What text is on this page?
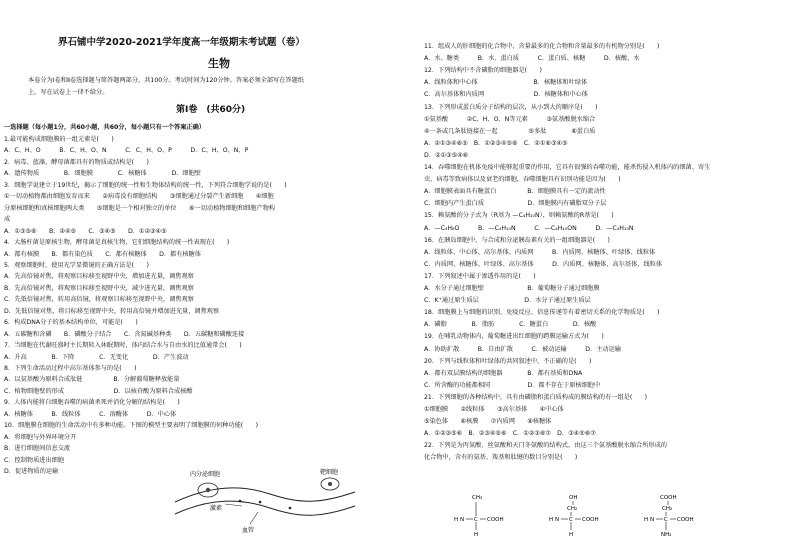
界石铺中学2020-2021学年度高一年级期末考试题（卷）
生物
本卷分为Ⅰ卷和Ⅱ卷选择题与简答题两部分，共100分。考试时间为120分钟。答案必须全部写在答题纸
上，写在试卷上一律不给分。
第Ⅰ卷　(共60分)
一选择题（每小题1分，共60小题，共60分，每小题只有一个答案正确）
1.最可能构成细胞膜的一组元素是(　　)
A．C、H、O　　　B．C、H、O、N　　　C．C、H、O、P　　　D．C、H、O、N、P
2．病毒、蓝藻、酵母菌都具有的物质或结构是(　　)
A．遗传物质　　　　B．细胞膜　　　　C．核糖体　　　　D．细胞壁
3．细胞学说建立于19世纪，揭示了细胞的统一性和生物体结构的统一性，下列符合细胞学说的是(　　)
①一切动植物都由细胞发育而来　　②病毒没有细胞结构　　③细胞通过分裂产生新细胞　　④细胞
分原核细胞和真核细胞两大类　　⑤细胞是一个相对独立的单位　　⑥一切动植物细胞和细胞产物构
成
A．①③⑤⑥　　B．②④⑤　　C．③④⑤　　D．①②③④⑤
4．大肠杆菌是原核生物，酵母菌是真核生物，它们细胞结构的统一性表现在(　　)
A．都有核膜　　B．都有染色质　　C．都有核糖体　　D．都有核糖体
5．观察细胞时，使用光学显微镜的正确方法是(　　)
A．先高倍镜对焦，将观察目标移至视野中央，增加进光量，调焦观察
B．先高倍镜对焦，将观察目标移至视野中央，减少进光量，调焦观察
C．先低倍镜对焦，转用高倍镜，将观察目标移至视野中央，调焦观察
D．先低倍镜对焦，将目标移至视野中央，转用高倍镜并增加进光量，调焦观察
6．构成DNA分子的基本结构单位，可能是(　　)
A．五碳糖和含磷　　B．磷酸分子结合　　C．含氮碱基种类　　D．五碳糖和磷酸连接
7．当细胞在代谢旺盛时主长期转入休眠期时，体内结合水与自由水的比值通常会(　　)
A．升高　　　　B．下降　　　　C．无变化　　　　D．产生波动
8．下列生命活动过程中高尔基体参与的是(　　)
A．以氨基酸为原料合成肽链　　　　　B．分解葡萄糖释放能量
C．植物细胞壁的形成　　　　　　　　D．以核苷酸为原料合成核酸
9．人体内能将白细胞吞噬的病菌杀死并消化分解的结构是(　　)
A．核糖体　　　B．线粒体　　　C．溶酶体　　　D．中心体
10．细胞膜在细胞的生命活动中有多种功能。下图的模型主要表明了细胞膜的何种功能(　　)
A．将细胞与外界环境分开
B．进行细胞间信息交流
C．控制物质进出细胞
D．促进物质的运输	内分泌细胞	靶细胞
激素
血管
11．组成人的肝细胞的化合物中，含量最多的化合物和含量最多的有机物分别是(　　)
A．水、糖类　　　B．水、蛋白质　　　C．蛋白质、核糖　　　D．核酸、水
12．下列结构中不含磷脂的细胞器是(　　)
A．线粒体和中心体　　　　　　　　　B．核糖体和叶绿体
C．高尔基体和内质网　　　　　　　　D．核糖体和中心体
13．下列形成蛋白质分子结构的层次，从小到大的顺序是(　　)
①氨基酸　　　②C、H、O、N等元素　　　③氨基酸脱水缩合
④一条或几条肽链接在一起　　　　　⑤多肽　　　　⑥蛋白质
A．②①③④⑥⑤　B．①②③④⑤⑥　C．②①⑥③④⑤　
D．②①③⑤④⑥
14．吞噬细胞在机体免疫中能够起重要的作用，它具有很强的吞噬功能，能杀伤侵入机体内的细菌、寄生
虫、病毒等致病体以及衰老的细胞，吞噬细胞具有识别功能是因为(　　)
A．细胞膜表面具有糖蛋白　　　　　B．细胞膜具有一定的流动性
C．细胞内产生蛋白质　　　　　　　D．细胞膜内有磷脂双分子层
15．赖氨酸的分子式为（R基为 —C₄H₁₀N），则赖氨酸的R基是(　　)
A．—C₄H₈O　　　B．—C₄H₁₀N　　　C．—C₄H₁₀ON　　　D．—C₄H₁₀N
16．在胰岛细胞中，与合成和分泌胰岛素有关的一组细胞器是(　　)
A．线粒体、中心体、高尔基体、内质网　　　B．内质网、核糖体、叶绿体、线粒体
C．内质网、核糖体、叶绿体、高尔基体　　　D．内质网、核糖体、高尔基体、线粒体
17．下列叙述中属于渗透作用的是(　　)
A．水分子通过细胞壁　　　　　　　B．葡萄糖分子通过细胞膜
C．K⁺通过原生质层　　　　　　　 D．水分子通过原生质层
18．细胞膜上与细胞的识别、免疫反应、信息传递等有着密切关系的化学物质是(　　)
A．磷脂　　　　B．脂肪　　　　C．糖蛋白　　　　D．核酸
19．在哺乳动物体内，葡萄糖进出红细胞的跨膜运输方式为(　　)
A．协助扩散　　　B．自由扩散　　　C．被动运输　　　D．主动运输
20．下列与线粒体和叶绿体的共同叙述中，不正确的是(　　)
A．都有双层膜结构的细胞器　　　　B．都有基质和DNA
C．所含酶的功能都相同　　　　　　D．都不存在于原核细胞中
21．下列细胞的各种结构中，具有由磷脂和蛋白质构成的膜结构的有一组是(　　)
①细胞膜　　②线粒体　　③高尔基体　　④中心体
⑤染色体　　⑥核膜　　⑦内质网　　⑧核糖体
A．①②③⑤⑥　B．②③④⑤⑥　C．①②③⑥⑦　D．③④⑤⑥⑦
22．下列是为丙氨酸、丝氨酸和天门冬氨酸的结构式，由这三个氨基酸脱水缩合所形成的
化合物中，含有的氨基、羧基和肽键的数目分别是(　　)
CH₃
H N C COOH
H
OH
CH₂
H N C COOH
H
COOH
CH₂
H N C COOH
NH₂
